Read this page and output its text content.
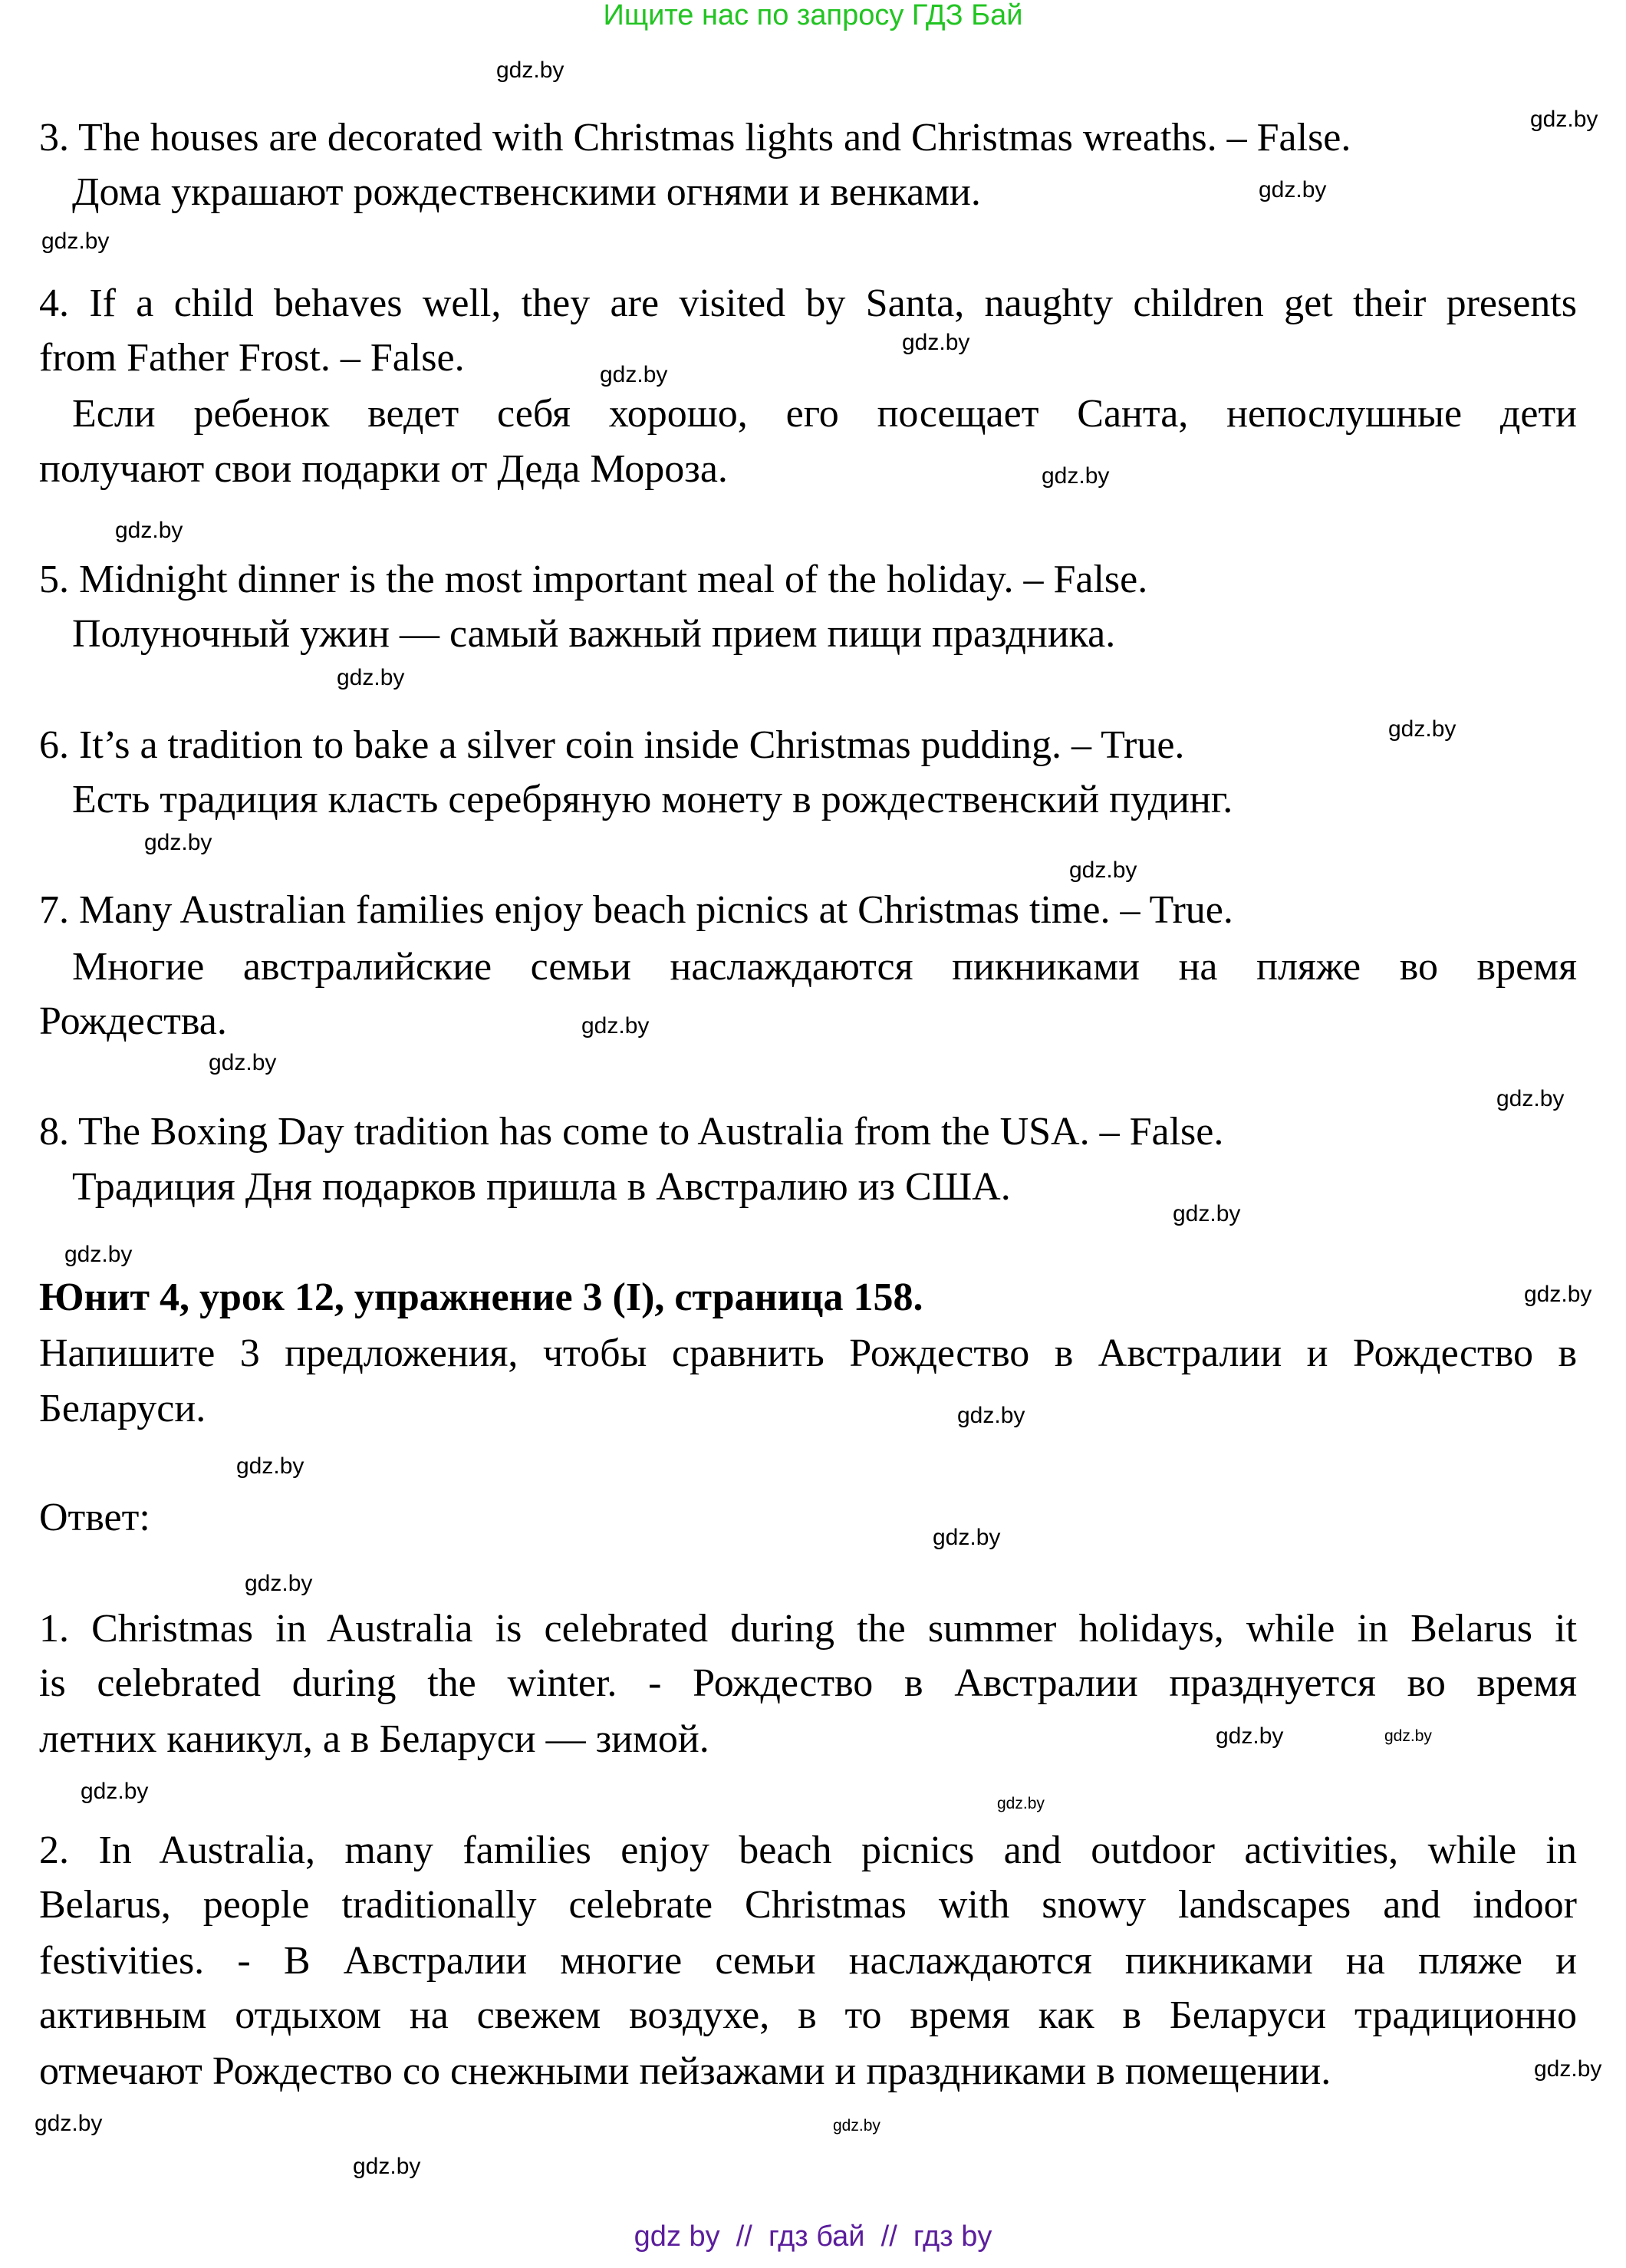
Ищите нас по запросу ГДЗ Бай
3. The houses are decorated with Christmas lights and Christmas wreaths. – False.
Дома украшают рождественскими огнями и венками.
4. If a child behaves well, they are visited by Santa, naughty children get their presents
from Father Frost. – False.
Если ребенок ведет себя хорошо, его посещает Санта, непослушные дети
получают свои подарки от Деда Мороза.
5. Midnight dinner is the most important meal of the holiday. – False.
Полуночный ужин — самый важный прием пищи праздника.
6. It’s a tradition to bake a silver coin inside Christmas pudding. – True.
Есть традиция класть серебряную монету в рождественский пудинг.
7. Many Australian families enjoy beach picnics at Christmas time. – True.
Многие австралийские семьи наслаждаются пикниками на пляже во время
Рождества.
8. The Boxing Day tradition has come to Australia from the USA. – False.
Традиция Дня подарков пришла в Австралию из США.
Юнит 4, урок 12, упражнение 3 (I), страница 158.
Напишите 3 предложения, чтобы сравнить Рождество в Австралии и Рождество в
Беларуси.
Ответ:
1. Christmas in Australia is celebrated during the summer holidays, while in Belarus it
is celebrated during the winter. - Рождество в Австралии празднуется во время
летних каникул, а в Беларуси — зимой.
2. In Australia, many families enjoy beach picnics and outdoor activities, while in
Belarus, people traditionally celebrate Christmas with snowy landscapes and indoor
festivities. - В Австралии многие семьи наслаждаются пикниками на пляже и
активным отдыхом на свежем воздухе, в то время как в Беларуси традиционно
отмечают Рождество со снежными пейзажами и праздниками в помещении.
gdz.by
gdz.by
gdz.by
gdz.by
gdz.by
gdz.by
gdz.by
gdz.by
gdz.by
gdz.by
gdz.by
gdz.by
gdz.by
gdz.by
gdz.by
gdz.by
gdz.by
gdz.by
gdz.by
gdz.by
gdz.by
gdz.by
gdz.by
gdz.by
gdz.by	gdz.by
gdz.by
gdz.by
gdz.by
gdz.by
gdz by  //  гдз бай  //  гдз by
